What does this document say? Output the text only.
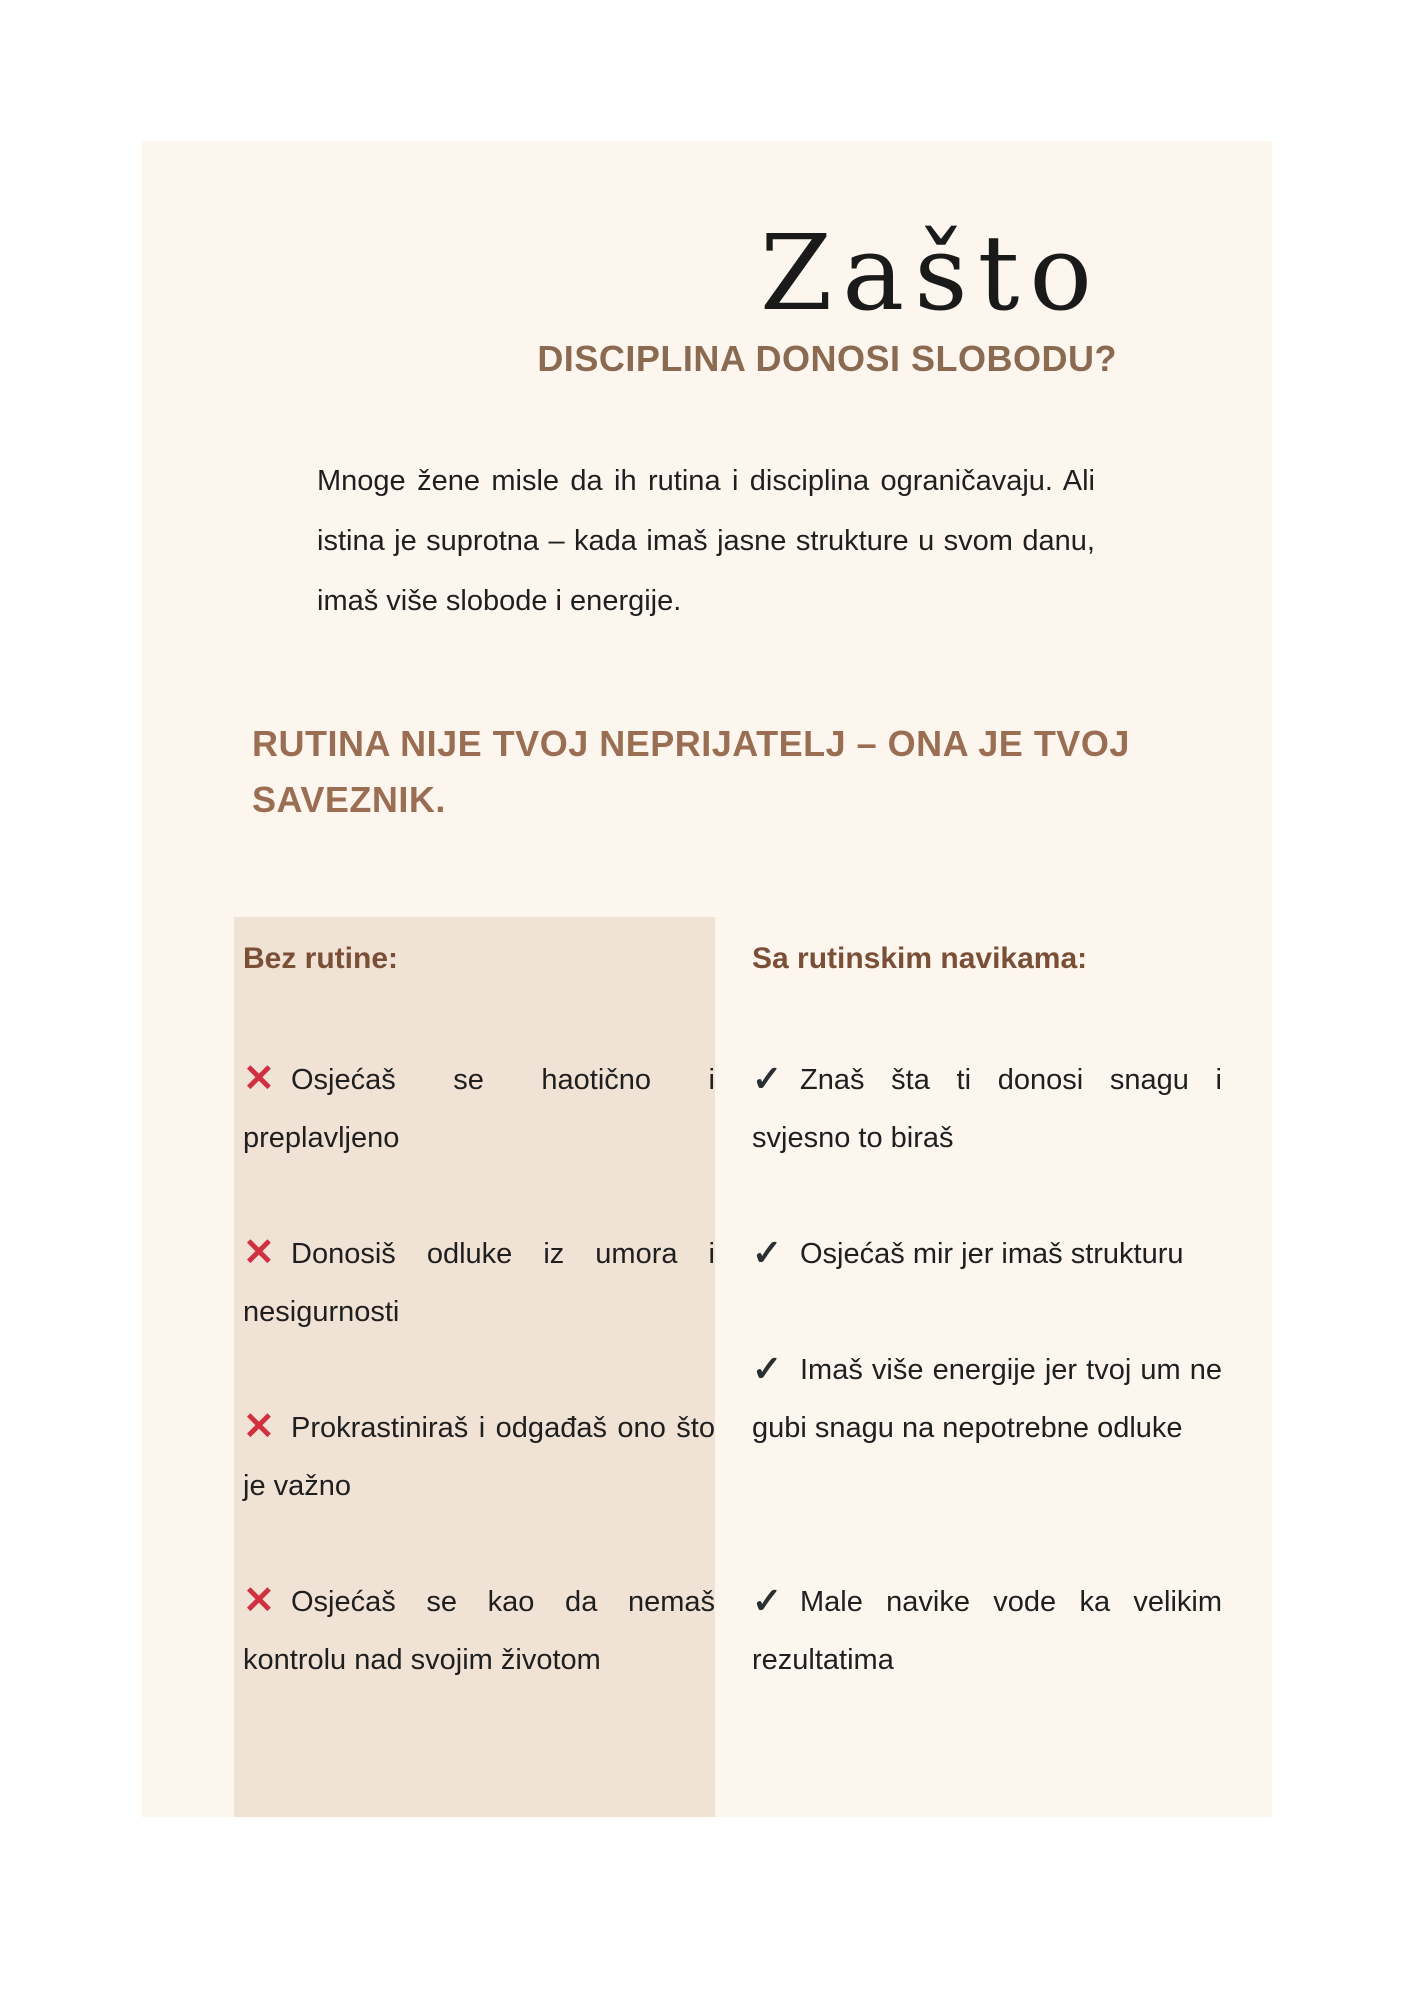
Zašto
DISCIPLINA DONOSI SLOBODU?

Mnoge žene misle da ih rutina i disciplina ograničavaju. Ali istina je suprotna – kada imaš jasne strukture u svom danu, imaš više slobode i energije.

RUTINA NIJE TVOJ NEPRIJATELJ – ONA JE TVOJ SAVEZNIK.

Bez rutine:

✕ Osjećaš se haotično i preplavljeno

✕ Donosiš odluke iz umora i nesigurnosti

✕ Prokrastiniraš i odgađaš ono što je važno

✕ Osjećaš se kao da nemaš kontrolu nad svojim životom

Sa rutinskim navikama:

✓ Znaš šta ti donosi snagu i svjesno to biraš

✓ Osjećaš mir jer imaš strukturu

✓ Imaš više energije jer tvoj um ne gubi snagu na nepotrebne odluke

✓ Male navike vode ka velikim rezultatima
